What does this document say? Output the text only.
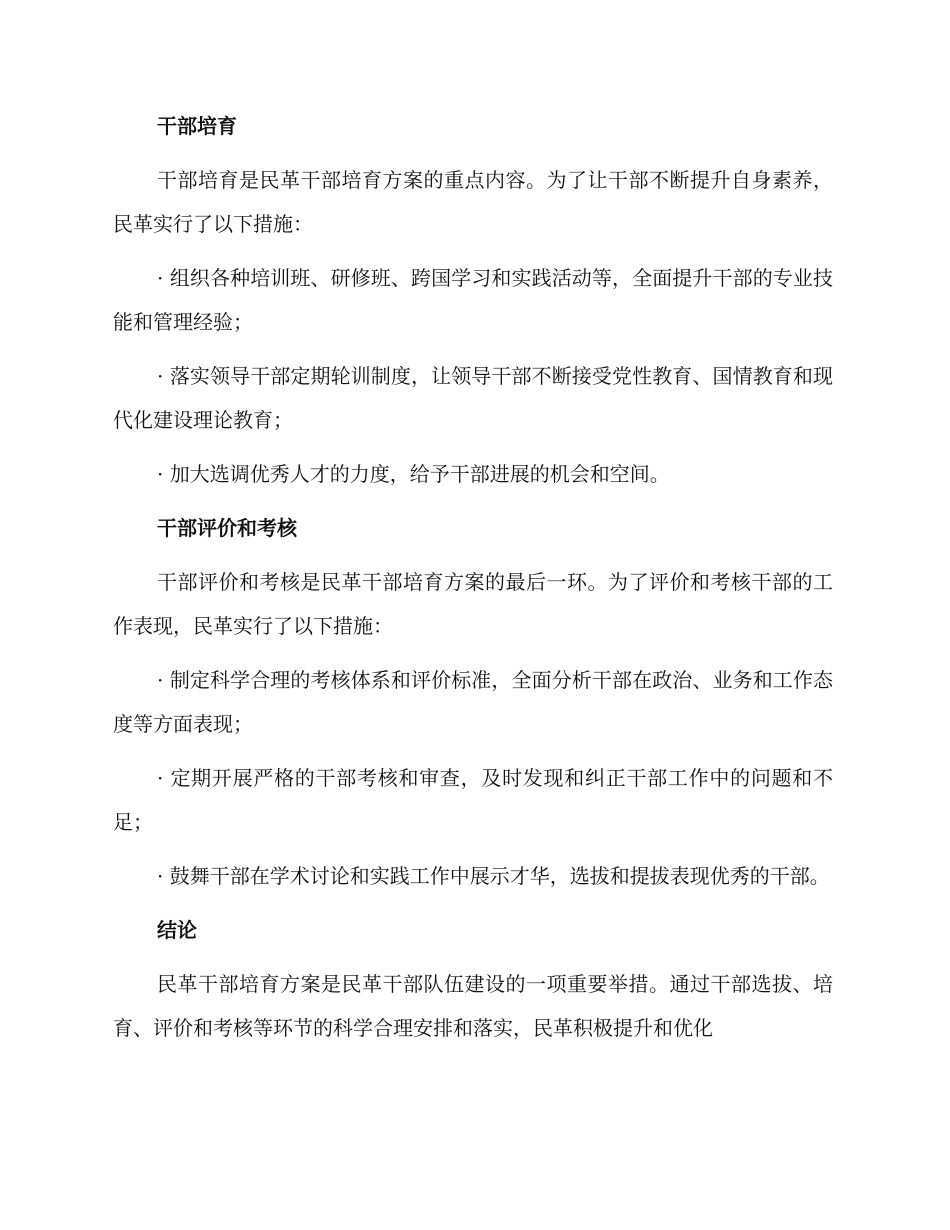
干部培育

干部培育是民革干部培育方案的重点内容。为了让干部不断提升自身素养，民革实行了以下措施：

· 组织各种培训班、研修班、跨国学习和实践活动等，全面提升干部的专业技能和管理经验；

· 落实领导干部定期轮训制度，让领导干部不断接受党性教育、国情教育和现代化建设理论教育；

· 加大选调优秀人才的力度，给予干部进展的机会和空间。

干部评价和考核

干部评价和考核是民革干部培育方案的最后一环。为了评价和考核干部的工作表现，民革实行了以下措施：

· 制定科学合理的考核体系和评价标准，全面分析干部在政治、业务和工作态度等方面表现；

· 定期开展严格的干部考核和审查，及时发现和纠正干部工作中的问题和不足；

· 鼓舞干部在学术讨论和实践工作中展示才华，选拔和提拔表现优秀的干部。

结论

民革干部培育方案是民革干部队伍建设的一项重要举措。通过干部选拔、培育、评价和考核等环节的科学合理安排和落实，民革积极提升和优化
